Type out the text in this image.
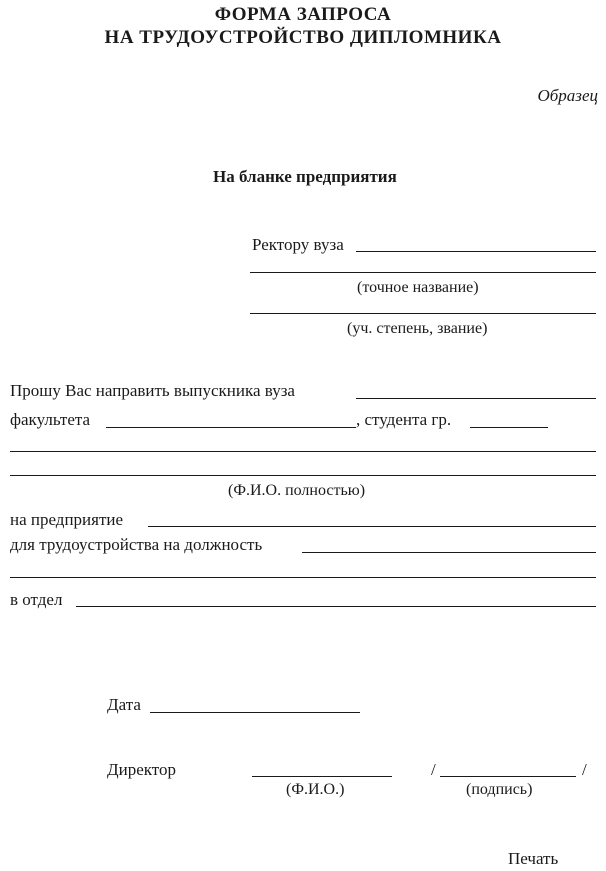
ФОРМА ЗАПРОСА
НА ТРУДОУСТРОЙСТВО ДИПЛОМНИКА
Образец
На бланке предприятия
Ректору вуза
(точное название)
(уч. степень, звание)
Прошу Вас направить выпускника вуза
факультета	, студента гр.
(Ф.И.О. полностью)
на предприятие
для трудоустройства на должность
в отдел
Дата
Директор	/	/
(Ф.И.О.)	(подпись)
Печать
